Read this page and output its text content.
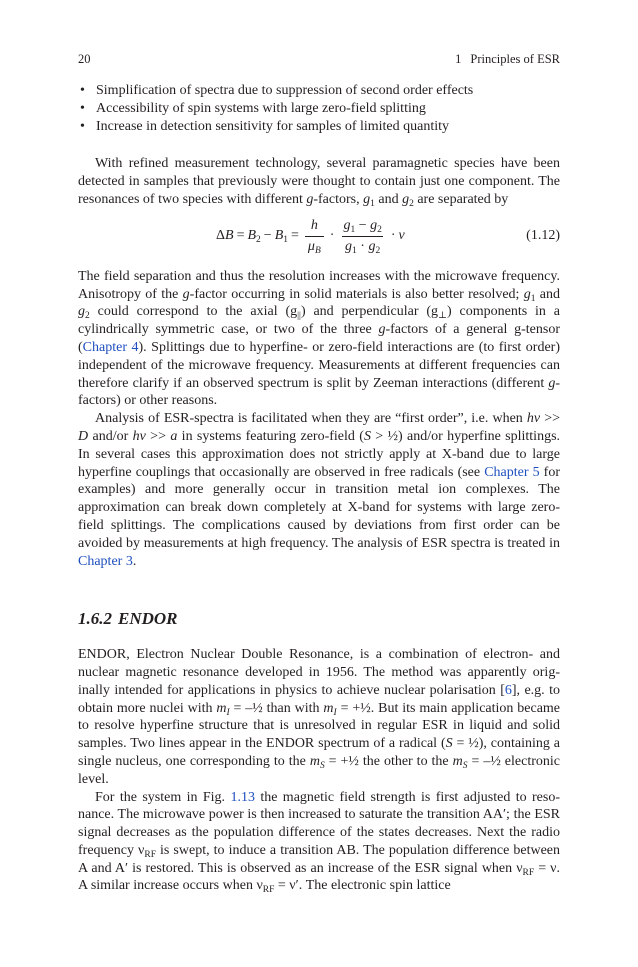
20	1 Principles of ESR
• Simplification of spectra due to suppression of second order effects
• Accessibility of spin systems with large zero-field splitting
• Increase in detection sensitivity for samples of limited quantity

With refined measurement technology, several paramagnetic species have been detected in samples that previously were thought to contain just one component. The resonances of two species with different g-factors, $g_1$ and $g_2$ are separated by

$\Delta B = B_2 - B_1 = \frac{h}{\mu_B} \cdot \frac{g_1 - g_2}{g_1 \cdot g_2} \cdot \nu$	(1.12)

The field separation and thus the resolution increases with the microwave frequency. Anisotropy of the g-factor occurring in solid materials is also better resolved; $g_1$ and $g_2$ could correspond to the axial $(g_{||})$ and perpendicular $(g_\perp)$ components in a cylindrically symmetric case, or two of the three g-factors of a general g-tensor (Chapter 4). Splittings due to hyperfine- or zero-field interactions are (to first order) independent of the microwave frequency. Measurements at different frequencies can therefore clarify if an observed spectrum is split by Zeeman interactions (different g-factors) or other reasons.

Analysis of ESR-spectra is facilitated when they are “first order”, i.e. when hν >> D and/or hν >> a in systems featuring zero-field (S > ½) and/or hyperfine splittings. In several cases this approximation does not strictly apply at X-band due to large hyperfine couplings that occasionally are observed in free radicals (see Chapter 5 for examples) and more generally occur in transition metal ion complexes. The approximation can break down completely at X-band for systems with large zero-field splittings. The complications caused by deviations from first order can be avoided by measurements at high frequency. The analysis of ESR spectra is treated in Chapter 3.

1.6.2 ENDOR

ENDOR, Electron Nuclear Double Resonance, is a combination of electron- and nuclear magnetic resonance developed in 1956. The method was apparently originally intended for applications in physics to achieve nuclear polarisation [6], e.g. to obtain more nuclei with $m_I$ = –½ than with $m_I$ = +½. But its main application became to resolve hyperfine structure that is unresolved in regular ESR in liquid and solid samples. Two lines appear in the ENDOR spectrum of a radical (S = ½), containing a single nucleus, one corresponding to the $m_S$ = +½ the other to the $m_S$ = –½ electronic level.

For the system in Fig. 1.13 the magnetic field strength is first adjusted to resonance. The microwave power is then increased to saturate the transition AA′; the ESR signal decreases as the population difference of the states decreases. Next the radio frequency $\nu_{RF}$ is swept, to induce a transition AB. The population difference between A and A′ is restored. This is observed as an increase of the ESR signal when $\nu_{RF} = \nu$. A similar increase occurs when $\nu_{RF} = \nu'$. The electronic spin lattice
